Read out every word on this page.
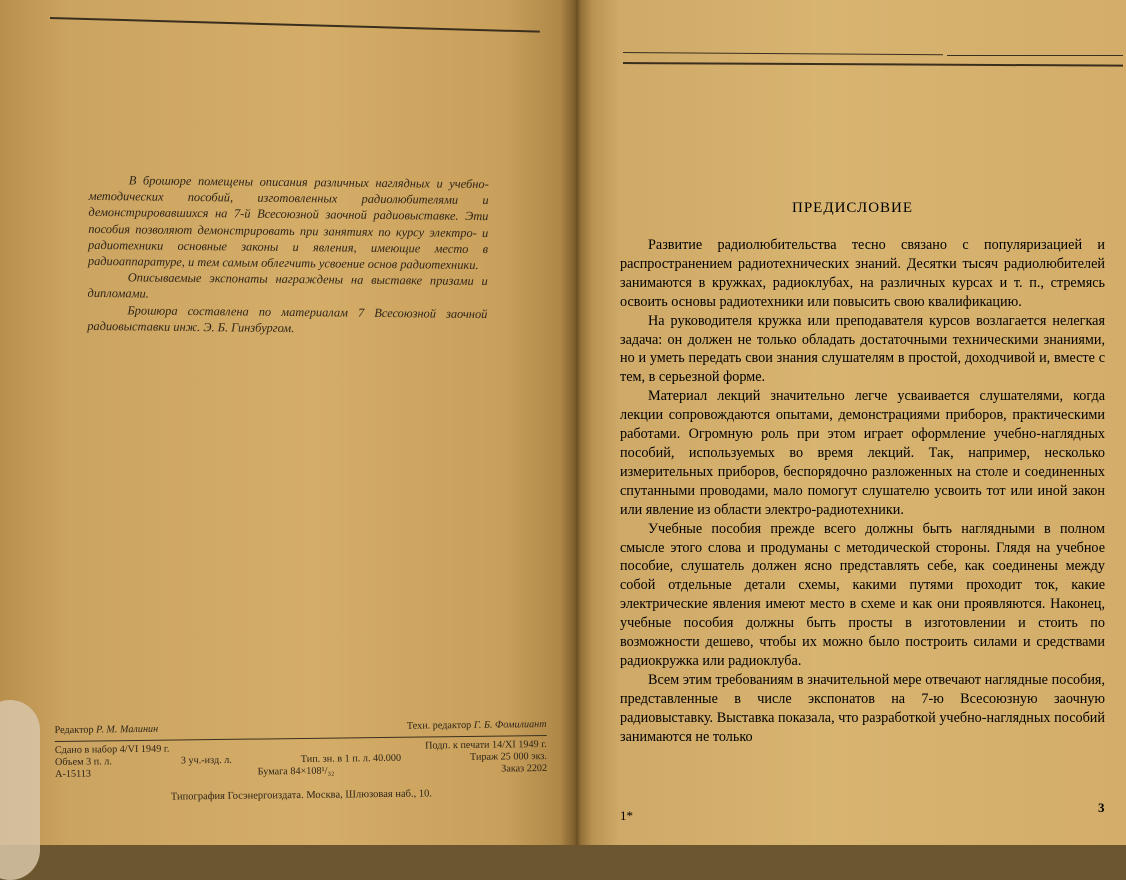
В брошюре помещены описания различных наглядных и учебно-методических пособий, изготовленных радиолюбителями и демонстрировавшихся на 7-й Всесоюзной заочной радиовыставке. Эти пособия позволяют демонстрировать при занятиях по курсу электро- и радиотехники основные законы и явления, имеющие место в радиоаппаратуре, и тем самым облегчить усвоение основ радиотехники.

Описываемые экспонаты награждены на выставке призами и дипломами.

Брошюра составлена по материалам 7 Всесоюзной заочной радиовыставки инж. Э. Б. Гинзбургом.

Редактор Р. М. Малинин	Техн. редактор Г. Б. Фомилиант
Сдано в набор 4/VI 1949 г.	Подп. к печати 14/XI 1949 г.
Объем 3 п. л.	3 уч.-изд. л.	Тип. зн. в 1 п. л. 40.000	Тираж 25 000 экз.
А-15113	Бумага 84×108¹/₃₂	Заказ 2202
Типография Госэнергоиздата. Москва, Шлюзовая наб., 10.
ПРЕДИСЛОВИЕ

Развитие радиолюбительства тесно связано с популяризацией и распространением радиотехнических знаний. Десятки тысяч радиолюбителей занимаются в кружках, радиоклубах, на различных курсах и т. п., стремясь освоить основы радиотехники или повысить свою квалификацию.

На руководителя кружка или преподавателя курсов возлагается нелегкая задача: он должен не только обладать достаточными техническими знаниями, но и уметь передать свои знания слушателям в простой, доходчивой и, вместе с тем, в серьезной форме.

Материал лекций значительно легче усваивается слушателями, когда лекции сопровождаются опытами, демонстрациями приборов, практическими работами. Огромную роль при этом играет оформление учебно-наглядных пособий, используемых во время лекций. Так, например, несколько измерительных приборов, беспорядочно разложенных на столе и соединенных спутанными проводами, мало помогут слушателю усвоить тот или иной закон или явление из области электро-радиотехники.

Учебные пособия прежде всего должны быть наглядными в полном смысле этого слова и продуманы с методической стороны. Глядя на учебное пособие, слушатель должен ясно представлять себе, как соединены между собой отдельные детали схемы, какими путями проходит ток, какие электрические явления имеют место в схеме и как они проявляются. Наконец, учебные пособия должны быть просты в изготовлении и стоить по возможности дешево, чтобы их можно было построить силами и средствами радиокружка или радиоклуба.

Всем этим требованиям в значительной мере отвечают наглядные пособия, представленные в числе экспонатов на 7-ю Всесоюзную заочную радиовыставку. Выставка показала, что разработкой учебно-наглядных пособий занимаются не только

1*
3
